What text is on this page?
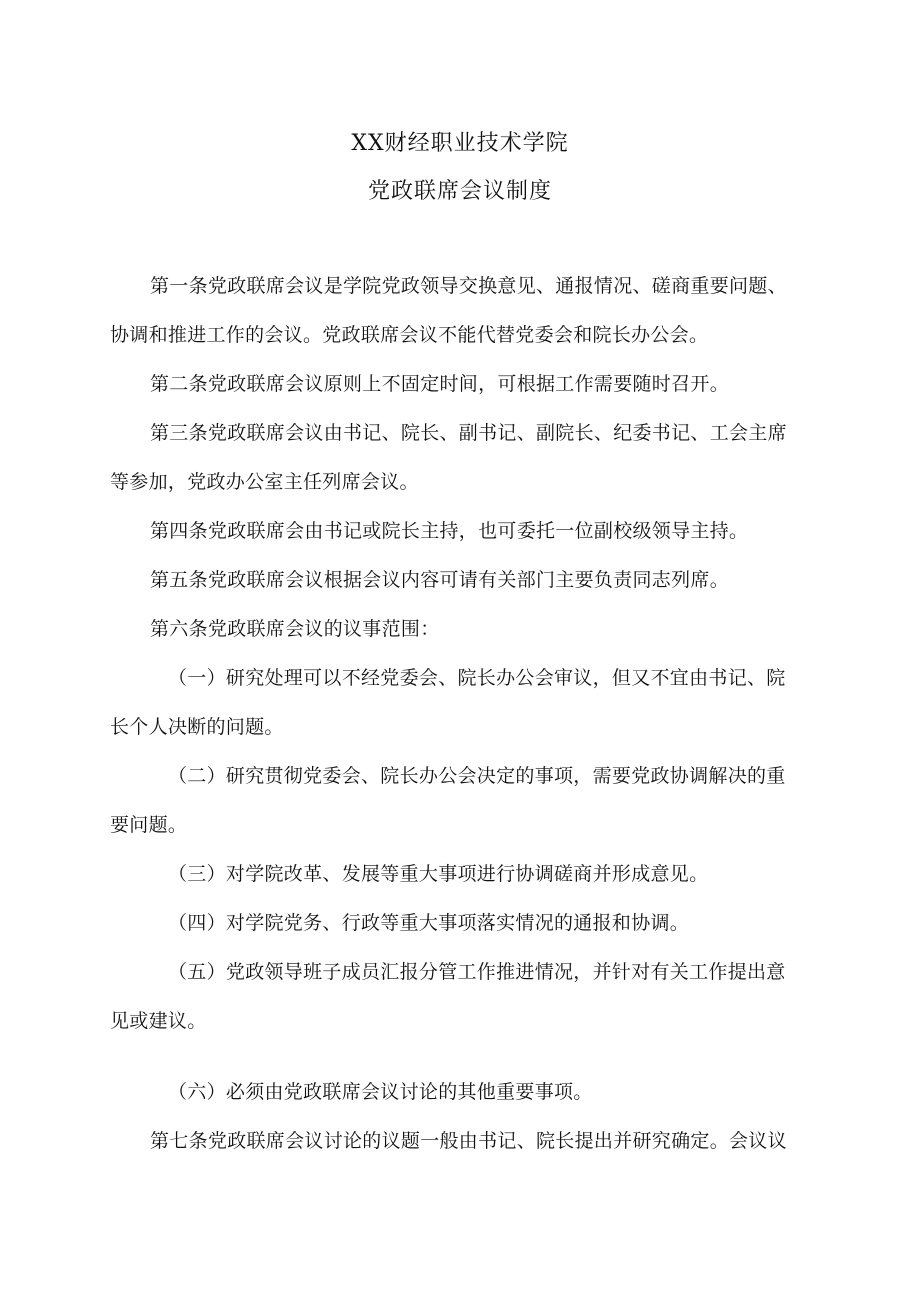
XX财经职业技术学院
党政联席会议制度

第一条党政联席会议是学院党政领导交换意见、通报情况、磋商重要问题、
协调和推进工作的会议。党政联席会议不能代替党委会和院长办公会。

第二条党政联席会议原则上不固定时间，可根据工作需要随时召开。

第三条党政联席会议由书记、院长、副书记、副院长、纪委书记、工会主席
等参加，党政办公室主任列席会议。

第四条党政联席会由书记或院长主持，也可委托一位副校级领导主持。

第五条党政联席会议根据会议内容可请有关部门主要负责同志列席。

第六条党政联席会议的议事范围：

（一）研究处理可以不经党委会、院长办公会审议，但又不宜由书记、院
长个人决断的问题。

（二）研究贯彻党委会、院长办公会决定的事项，需要党政协调解决的重
要问题。

（三）对学院改革、发展等重大事项进行协调磋商并形成意见。

（四）对学院党务、行政等重大事项落实情况的通报和协调。

（五）党政领导班子成员汇报分管工作推进情况，并针对有关工作提出意
见或建议。

（六）必须由党政联席会议讨论的其他重要事项。

第七条党政联席会议讨论的议题一般由书记、院长提出并研究确定。会议议
